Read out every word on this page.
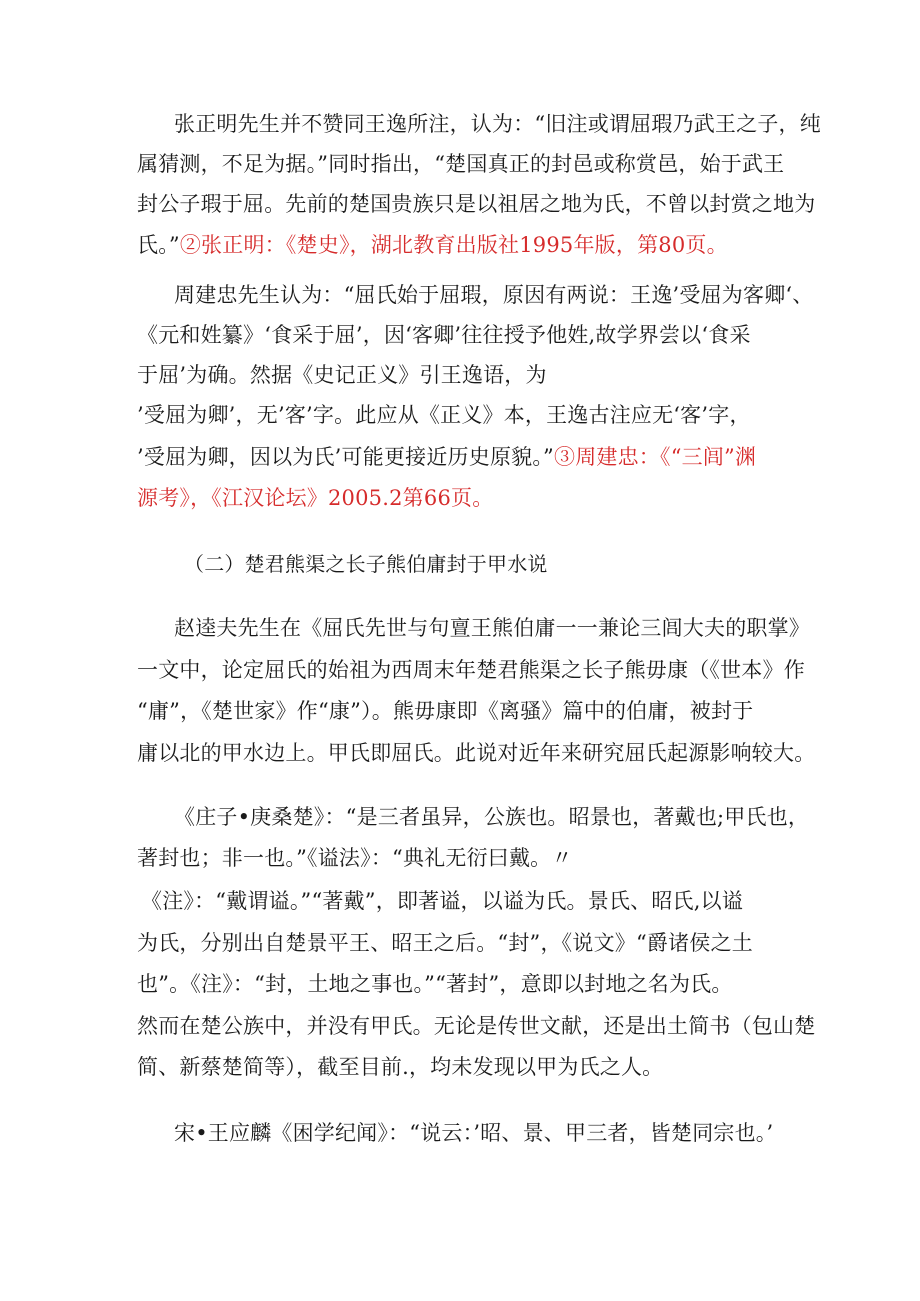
张正明先生并不赞同王逸所注，认为：“旧注或谓屈瑕乃武王之子，纯
属猜测，不足为据。”同时指出，“楚国真正的封邑或称赏邑，始于武王
封公子瑕于屈。先前的楚国贵族只是以祖居之地为氏，不曾以封赏之地为
氏。”②张正明：《楚史》，湖北教育出版社1995年版，第80页。
周建忠先生认为：“屈氏始于屈瑕，原因有两说：王逸’受屈为客卿‘、
《元和姓纂》‘食采于屈’，因‘客卿’往往授予他姓,故学界尝以‘食采
于屈’为确。然据《史记正义》引王逸语，为
’受屈为卿’，无’客’字。此应从《正义》本，王逸古注应无‘客’字，
’受屈为卿，因以为氏’可能更接近历史原貌。”③周建忠：《“三闾”渊
源考》，《江汉论坛》2005.2第66页。
（二）楚君熊渠之长子熊伯庸封于甲水说
赵逵夫先生在《屈氏先世与句亶王熊伯庸一一兼论三闾大夫的职掌》
一文中，论定屈氏的始祖为西周末年楚君熊渠之长子熊毋康（《世本》作
“庸”，《楚世家》作“康”）。熊毋康即《离骚》篇中的伯庸，被封于
庸以北的甲水边上。甲氏即屈氏。此说对近年来研究屈氏起源影响较大。
《庄子•庚桑楚》：“是三者虽异，公族也。昭景也，著戴也;甲氏也，
著封也；非一也。”《谥法》：“典礼无衍曰戴。〃
《注》：“戴谓谥。”“著戴”，即著谥，以谥为氏。景氏、昭氏,以谥
为氏，分别出自楚景平王、昭王之后。“封”，《说文》“爵诸侯之土
也”。《注》：“封，土地之事也。”“著封”，意即以封地之名为氏。
然而在楚公族中，并没有甲氏。无论是传世文献，还是出土简书（包山楚
简、新蔡楚简等），截至目前.，均未发现以甲为氏之人。
宋•王应麟《困学纪闻》：“说云：’昭、景、甲三者，皆楚同宗也。’
